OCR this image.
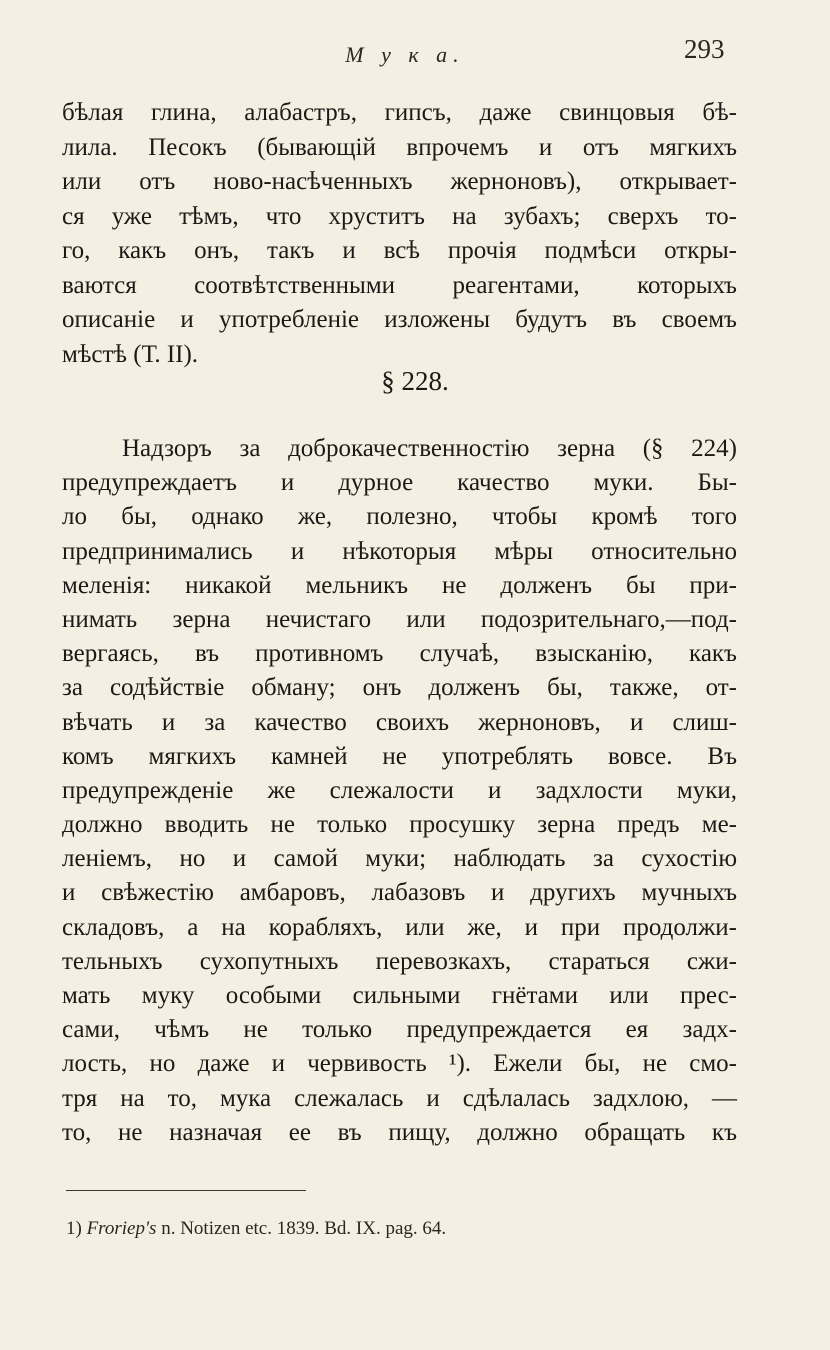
М у к а.	293
бѣлая глина, алабастръ, гипсъ, даже свинцовыя бѣ-
лила. Песокъ (бывающій впрочемъ и отъ мягкихъ
или отъ ново-насѣченныхъ жерноновъ), открывает-
ся уже тѣмъ, что хруститъ на зубахъ; сверхъ то-
го, какъ онъ, такъ и всѣ прочія подмѣси откры-
ваются соотвѣтственными реагентами, которыхъ
описаніе и употребленіе изложены будутъ въ своемъ
мѣстѣ (Т. II).
§ 228.
Надзоръ за доброкачественностію зерна (§ 224)
предупреждаетъ и дурное качество муки. Бы-
ло бы, однако же, полезно, чтобы кромѣ того
предпринимались и нѣкоторыя мѣры относительно
меленія: никакой мельникъ не долженъ бы при-
нимать зерна нечистаго или подозрительнаго,—под-
вергаясь, въ противномъ случаѣ, взысканію, какъ
за содѣйствіе обману; онъ долженъ бы, также, от-
вѣчать и за качество своихъ жерноновъ, и слиш-
комъ мягкихъ камней не употреблять вовсе. Въ
предупрежденіе же слежалости и задхлости муки,
должно вводить не только просушку зерна предъ ме-
леніемъ, но и самой муки; наблюдать за сухостію
и свѣжестію амбаровъ, лабазовъ и другихъ мучныхъ
складовъ, а на корабляхъ, или же, и при продолжи-
тельныхъ сухопутныхъ перевозкахъ, стараться сжи-
мать муку особыми сильными гнётами или прес-
сами, чѣмъ не только предупреждается ея задх-
лость, но даже и червивость ¹). Ежели бы, не смо-
тря на то, мука слежалась и сдѣлалась задхлою, —
то, не назначая ее въ пищу, должно обращать къ
1) Froriep's n. Notizen etc. 1839. Bd. IX. pag. 64.
